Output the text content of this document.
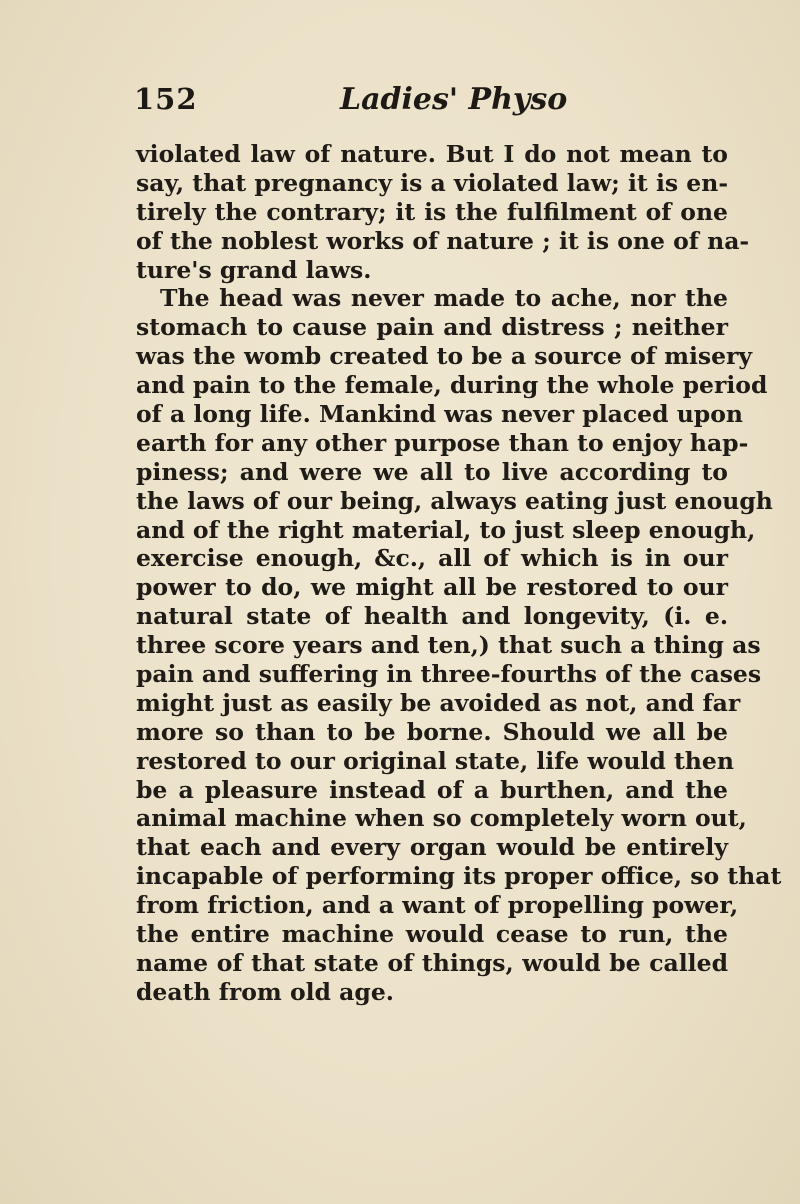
152	Ladies' Physo
violated law of nature. But I do not mean to
say, that pregnancy is a violated law; it is en-
tirely the contrary; it is the fulfilment of one
of the noblest works of nature ; it is one of na-
ture's grand laws.
The head was never made to ache, nor the
stomach to cause pain and distress ; neither
was the womb created to be a source of misery
and pain to the female, during the whole period
of a long life. Mankind was never placed upon
earth for any other purpose than to enjoy hap-
piness; and were we all to live according to
the laws of our being, always eating just enough
and of the right material, to just sleep enough,
exercise enough, &c., all of which is in our
power to do, we might all be restored to our
natural state of health and longevity, (i. e.
three score years and ten,) that such a thing as
pain and suffering in three-fourths of the cases
might just as easily be avoided as not, and far
more so than to be borne. Should we all be
restored to our original state, life would then
be a pleasure instead of a burthen, and the
animal machine when so completely worn out,
that each and every organ would be entirely
incapable of performing its proper office, so that
from friction, and a want of propelling power,
the entire machine would cease to run, the
name of that state of things, would be called
death from old age.
